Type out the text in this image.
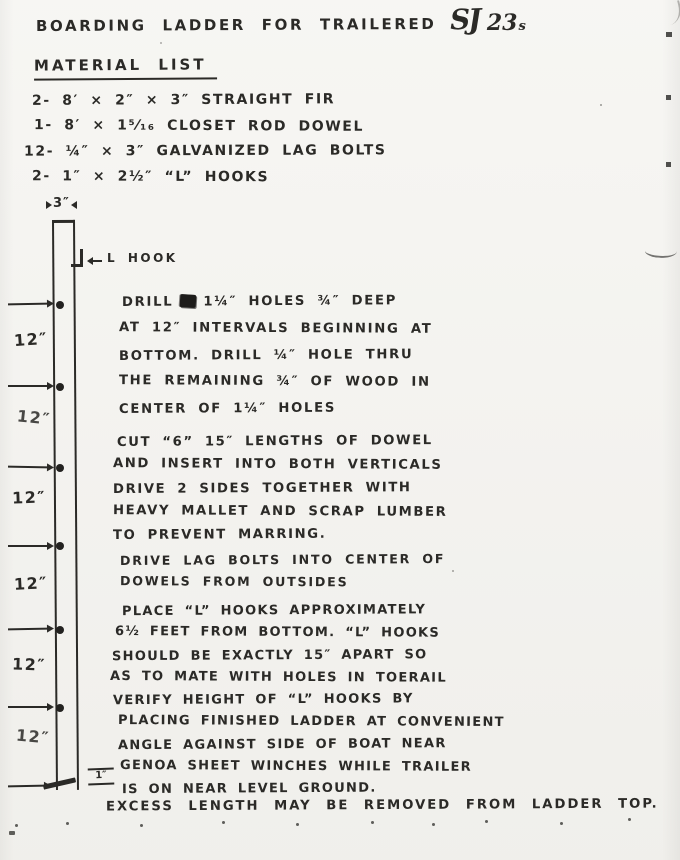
BOARDING LADDER FOR TRAILERED SJ 23 s
MATERIAL LIST
2- 8′ × 2″ × 3″ STRAIGHT FIR
1- 8′ × 1⁵⁄₁₆ CLOSET ROD DOWEL
12- ¼″ × 3″ GALVANIZED LAG BOLTS
2- 1″ × 2½″ “L” HOOKS
3″
12″
12″
12″
12″
12″
12″
L HOOK
1″
DRILL 1¼″ HOLES ¾″ DEEP
AT 12″ INTERVALS BEGINNING AT
BOTTOM. DRILL ¼″ HOLE THRU
THE REMAINING ¾″ OF WOOD IN
CENTER OF 1¼″ HOLES
CUT “6” 15″ LENGTHS OF DOWEL
AND INSERT INTO BOTH VERTICALS
DRIVE 2 SIDES TOGETHER WITH
HEAVY MALLET AND SCRAP LUMBER
TO PREVENT MARRING.
DRIVE LAG BOLTS INTO CENTER OF
DOWELS FROM OUTSIDES
PLACE “L” HOOKS APPROXIMATELY
6½ FEET FROM BOTTOM. “L” HOOKS
SHOULD BE EXACTLY 15″ APART SO
AS TO MATE WITH HOLES IN TOERAIL
VERIFY HEIGHT OF “L” HOOKS BY
PLACING FINISHED LADDER AT CONVENIENT
ANGLE AGAINST SIDE OF BOAT NEAR
GENOA SHEET WINCHES WHILE TRAILER
IS ON NEAR LEVEL GROUND.
EXCESS LENGTH MAY BE REMOVED FROM LADDER TOP.
